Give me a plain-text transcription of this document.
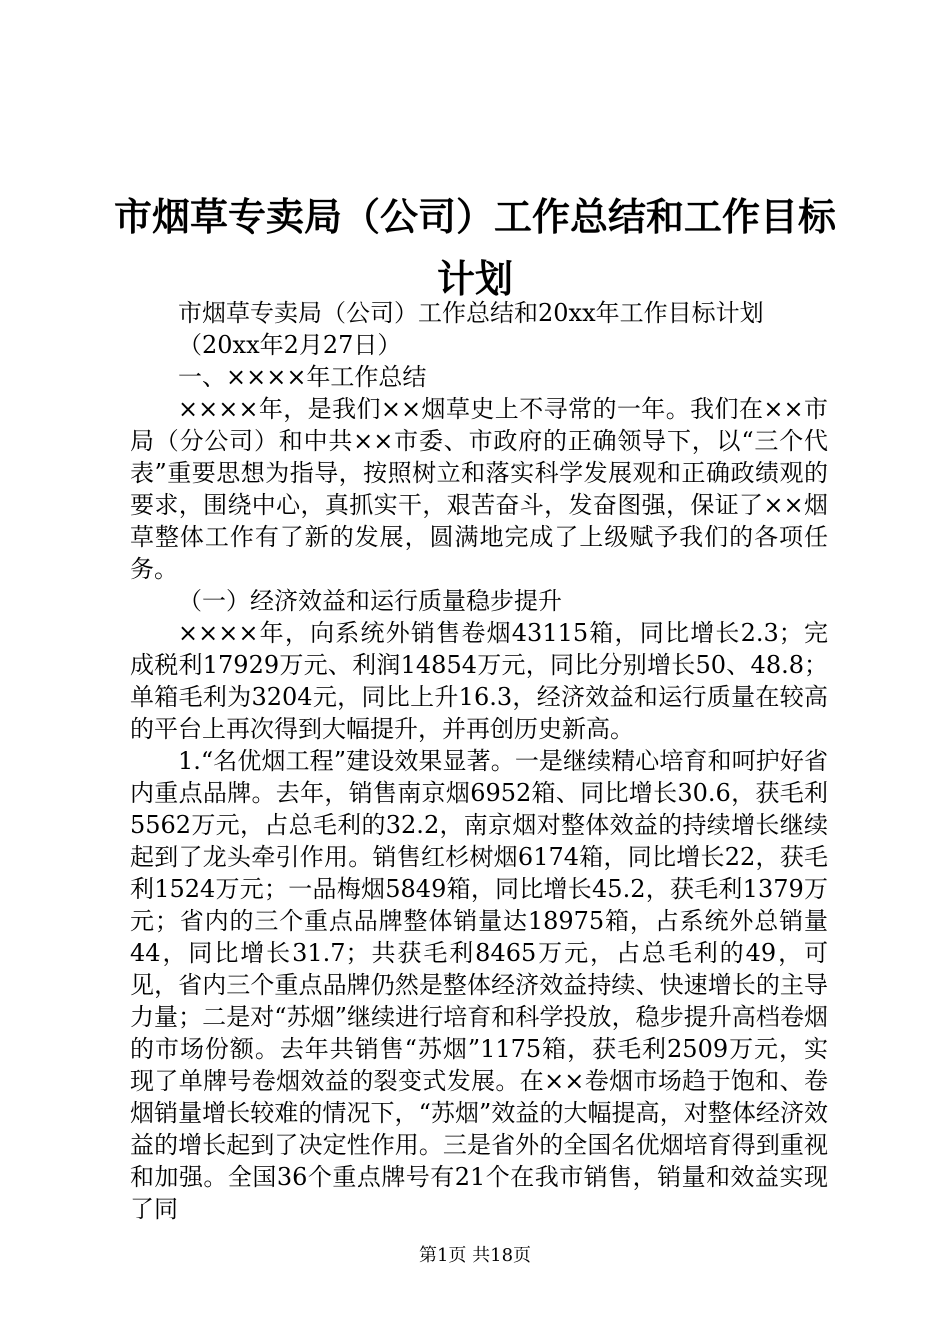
市烟草专卖局（公司）工作总结和工作目标计划

市烟草专卖局（公司）工作总结和20xx年工作目标计划

（20xx年2月27日）

一、××××年工作总结

××××年，是我们××烟草史上不寻常的一年。我们在××市局（分公司）和中共××市委、市政府的正确领导下，以“三个代表”重要思想为指导，按照树立和落实科学发展观和正确政绩观的要求，围绕中心，真抓实干，艰苦奋斗，发奋图强，保证了××烟草整体工作有了新的发展，圆满地完成了上级赋予我们的各项任务。

（一）经济效益和运行质量稳步提升

××××年，向系统外销售卷烟43115箱，同比增长2.3；完成税利17929万元、利润14854万元，同比分别增长50、48.8；单箱毛利为3204元，同比上升16.3，经济效益和运行质量在较高的平台上再次得到大幅提升，并再创历史新高。

1.“名优烟工程”建设效果显著。一是继续精心培育和呵护好省内重点品牌。去年，销售南京烟6952箱、同比增长30.6，获毛利5562万元，占总毛利的32.2，南京烟对整体效益的持续增长继续起到了龙头牵引作用。销售红杉树烟6174箱，同比增长22，获毛利1524万元；一品梅烟5849箱，同比增长45.2，获毛利1379万元；省内的三个重点品牌整体销量达18975箱，占系统外总销量44，同比增长31.7；共获毛利8465万元，占总毛利的49，可见，省内三个重点品牌仍然是整体经济效益持续、快速增长的主导力量；二是对“苏烟”继续进行培育和科学投放，稳步提升高档卷烟的市场份额。去年共销售“苏烟”1175箱，获毛利2509万元，实现了单牌号卷烟效益的裂变式发展。在××卷烟市场趋于饱和、卷烟销量增长较难的情况下，“苏烟”效益的大幅提高，对整体经济效益的增长起到了决定性作用。三是省外的全国名优烟培育得到重视和加强。全国36个重点牌号有21个在我市销售，销量和效益实现了同

第1页 共18页
